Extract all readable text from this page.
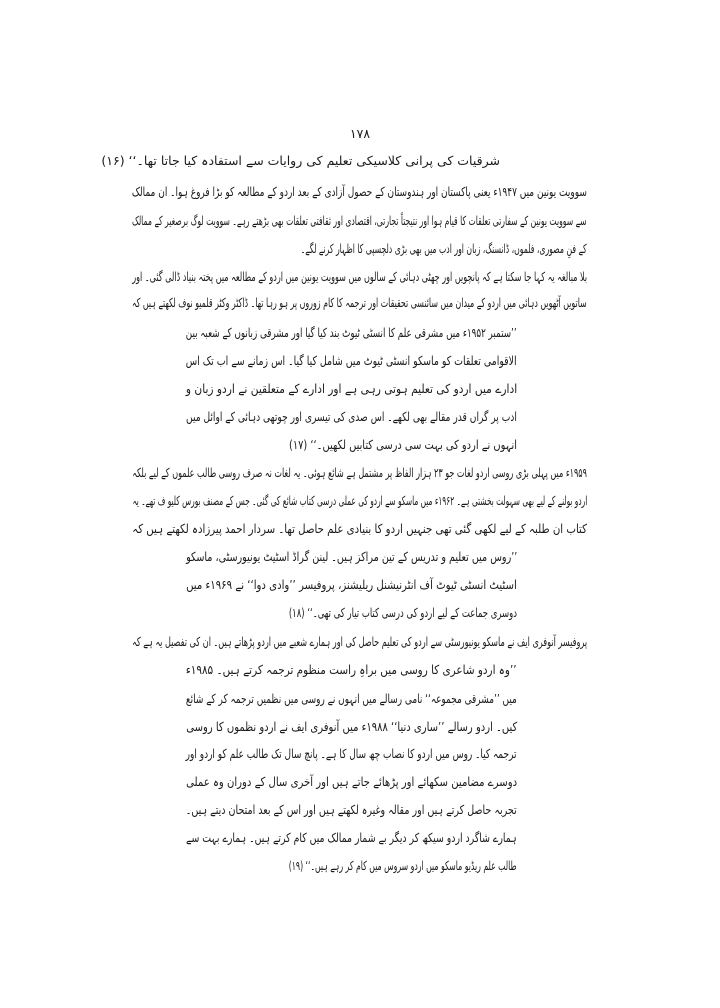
۱۷۸
شرقیات کی پرانی کلاسیکی تعلیم کی روایات سے استفادہ کیا جاتا تھا۔‘‘ (۱۶)
سوویت یونین میں ۱۹۴۷ء یعنی پاکستان اور ہندوستان کے حصول آزادی کے بعد اردو کے مطالعہ کو بڑا فروغ ہوا۔ ان ممالک
سے سوویت یونین کے سفارتی تعلقات کا قیام ہوا اور نتیجتاً تجارتی، اقتصادی اور ثقافتی تعلقات بھی بڑھتے رہے۔ سوویت لوگ برصغیر کے ممالک
کے فنِ مصوری، فلموں، ڈانسنگ، زبان اور ادب میں بھی بڑی دلچسپی کا اظہار کرنے لگے۔
بلا مبالغہ یہ کہا جا سکتا ہے کہ پانچویں اور چھٹی دہائی کے سالوں میں سوویت یونین میں اردو کے مطالعہ میں پختہ بنیاد ڈالی گئی۔ اور
ساتویں آٹھویں دہائی میں اردو کے میدان میں سائنسی تحقیقات اور ترجمہ کا کام زوروں پر ہو رہا تھا۔ ڈاکٹر وکٹر قلمیو نوف لکھتے ہیں کہ
’’ستمبر ۱۹۵۲ء میں مشرقی علم کا انسٹی ٹیوٹ بند کیا گیا اور مشرقی زبانوں کے شعبہ بین
الاقوامی تعلقات کو ماسکو انسٹی ٹیوٹ میں شامل کیا گیا۔ اس زمانے سے اب تک اس
ادارے میں اردو کی تعلیم ہوتی رہی ہے اور ادارے کے متعلقین نے اردو زبان و
ادب پر گراں قدر مقالے بھی لکھے۔ اس صدی کی تیسری اور چوتھی دہائی کے اوائل میں
انہوں نے اردو کی بہت سی درسی کتابیں لکھیں۔‘‘ (۱۷)
۱۹۵۹ء میں پہلی بڑی روسی اردو لغات جو ۲۳ ہزار الفاظ پر مشتمل ہے شائع ہوئی۔ یہ لغات نہ صرف روسی طالب علموں کے لیے بلکہ
اردو بولنے کے لیے بھی سہولت بخشتی ہے۔ ۱۹۶۲ء میں ماسکو سے اردو کی عملی درسی کتاب شائع کی گئی۔ جس کے مصنف بورس کلیو ف تھے۔ یہ
کتاب ان طلبہ کے لیے لکھی گئی تھی جنہیں اردو کا بنیادی علم حاصل تھا۔ سردار احمد پیرزادہ لکھتے ہیں کہ
’’روس میں تعلیم و تدریس کے تین مراکز ہیں۔ لینن گراڈ اسٹیٹ یونیورسٹی، ماسکو
اسٹیٹ انسٹی ٹیوٹ آف انٹرنیشنل ریلیشنز، پروفیسر ’’وادی دوا‘‘ نے ۱۹۶۹ء میں
دوسری جماعت کے لیے اردو کی درسی کتاب تیار کی تھی۔‘‘ (۱۸)
پروفیسر آنوفری ایف نے ماسکو یونیورسٹی سے اردو کی تعلیم حاصل کی اور ہمارے شعبے میں اردو پڑھاتے ہیں۔ ان کی تفصیل یہ ہے کہ
’’وہ اردو شاعری کا روسی میں براہِ راست منظوم ترجمہ کرتے ہیں۔ ۱۹۸۵ء
میں ’’مشرقی مجموعہ‘‘ نامی رسالے میں انہوں نے روسی میں نظمیں ترجمہ کر کے شائع
کیں۔ اردو رسالے ’’ساری دنیا‘‘ ۱۹۸۸ء میں آنوفری ایف نے اردو نظموں کا روسی
ترجمہ کیا۔ روس میں اردو کا نصاب چھ سال کا ہے۔ پانچ سال تک طالب علم کو اردو اور
دوسرے مضامین سکھائے اور پڑھائے جاتے ہیں اور آخری سال کے دوران وہ عملی
تجربہ حاصل کرتے ہیں اور مقالہ وغیرہ لکھتے ہیں اور اس کے بعد امتحان دیتے ہیں۔
ہمارے شاگرد اردو سیکھ کر دیگر بے شمار ممالک میں کام کرتے ہیں۔ ہمارے بہت سے
طالب علم ریڈیو ماسکو میں اردو سروس میں کام کر رہے ہیں۔‘‘ (۱۹)
